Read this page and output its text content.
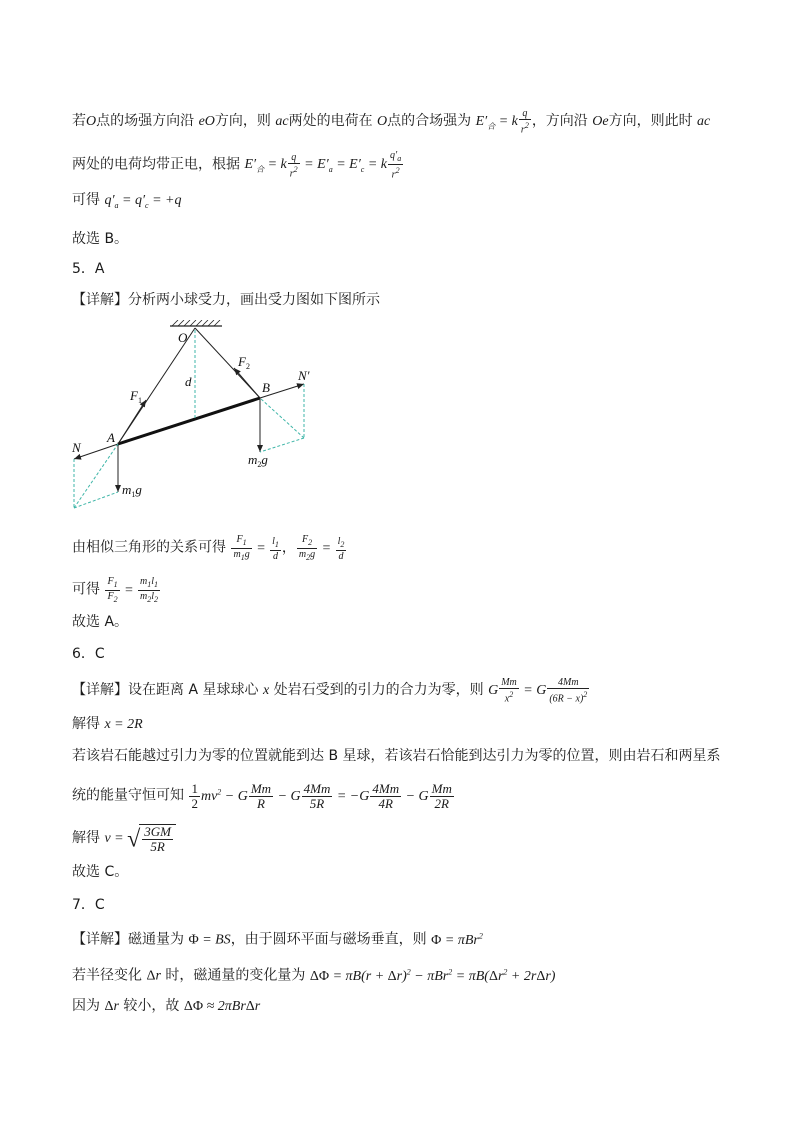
若O点的场强方向沿 eO方向，则 ac两处的电荷在 O点的合场强为 $E'_合 = k \frac{q}{r^2}$ ，方向沿 Oe方向，则此时 ac
两处的电荷均带正电，根据 $E'_合 = k \frac{q}{r^2} = E'_a = E'_c = k \frac{q'_a}{r^2}$
可得 $q'_a = q'_c = +q$
故选 B。
5．A
【详解】分析两小球受力，画出受力图如下图所示
O
A
B
N
N′
d
$F_1$
$F_2$
$m_1g$
$m_2g$
由相似三角形的关系可得 $\frac{F_1}{m_1g} = \frac{l_1}{d}$ ， $\frac{F_2}{m_2g} = \frac{l_2}{d}$
可得 $\frac{F_1}{F_2} = \frac{m_1l_1}{m_2l_2}$
故选 A。
6．C
【详解】设在距离 A 星球球心 x 处岩石受到的引力的合力为零，则 G $\frac{Mm}{x^2} = G \frac{4Mm}{(6R - x)^2}$
解得 x = 2R
若该岩石能越过引力为零的位置就能到达 B 星球，若该岩石恰能到达引力为零的位置，则由岩石和两星系
统的能量守恒可知 $\frac{1}{2} mv^2 - G \frac{Mm}{R} - G \frac{4Mm}{5R} = -G \frac{4Mm}{4R} - G \frac{Mm}{2R}$
解得 v = √ $\frac{3GM}{5R}$
故选 C。
7．C
【详解】磁通量为 Φ = BS，由于圆环平面与磁场垂直，则 Φ = πBr$^2$
若半径变化 Δr 时，磁通量的变化量为 $\Delta\Phi = \pi B(r + \Delta r)^2 - \pi Br^2 = \pi B(\Delta r^2 + 2r\Delta r)$
因为 Δr 较小，故 ΔΦ ≈ 2πBrΔr
